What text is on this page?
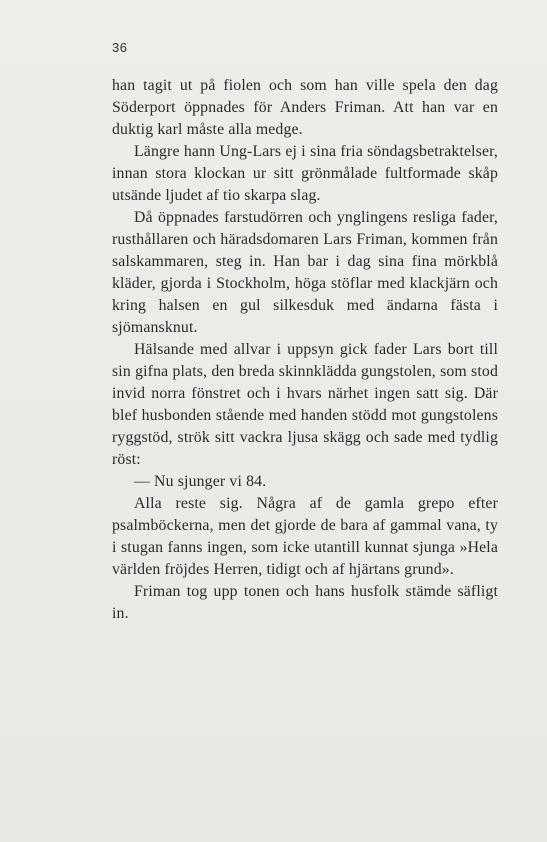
36

han tagit ut på fiolen och som han ville spela den dag Söderport öppnades för Anders Friman. Att han var en duktig karl måste alla medge.

Längre hann Ung-Lars ej i sina fria söndagsbetraktelser, innan stora klockan ur sitt grönmålade fultformade skåp utsände ljudet af tio skarpa slag.

Då öppnades farstudörren och ynglingens resliga fader, rusthållaren och häradsdomaren Lars Friman, kommen från salskammaren, steg in. Han bar i dag sina fina mörkblå kläder, gjorda i Stockholm, höga stöflar med klackjärn och kring halsen en gul silkesduk med ändarna fästa i sjömansknut.

Hälsande med allvar i uppsyn gick fader Lars bort till sin gifna plats, den breda skinnklädda gungstolen, som stod invid norra fönstret och i hvars närhet ingen satt sig. Där blef husbonden stående med handen stödd mot gungstolens ryggstöd, strök sitt vackra ljusa skägg och sade med tydlig röst:

— Nu sjunger vi 84.

Alla reste sig. Några af de gamla grepo efter psalmböckerna, men det gjorde de bara af gammal vana, ty i stugan fanns ingen, som icke utantill kunnat sjunga »Hela världen fröjdes Herren, tidigt och af hjärtans grund».

Friman tog upp tonen och hans husfolk stämde säfligt in.
